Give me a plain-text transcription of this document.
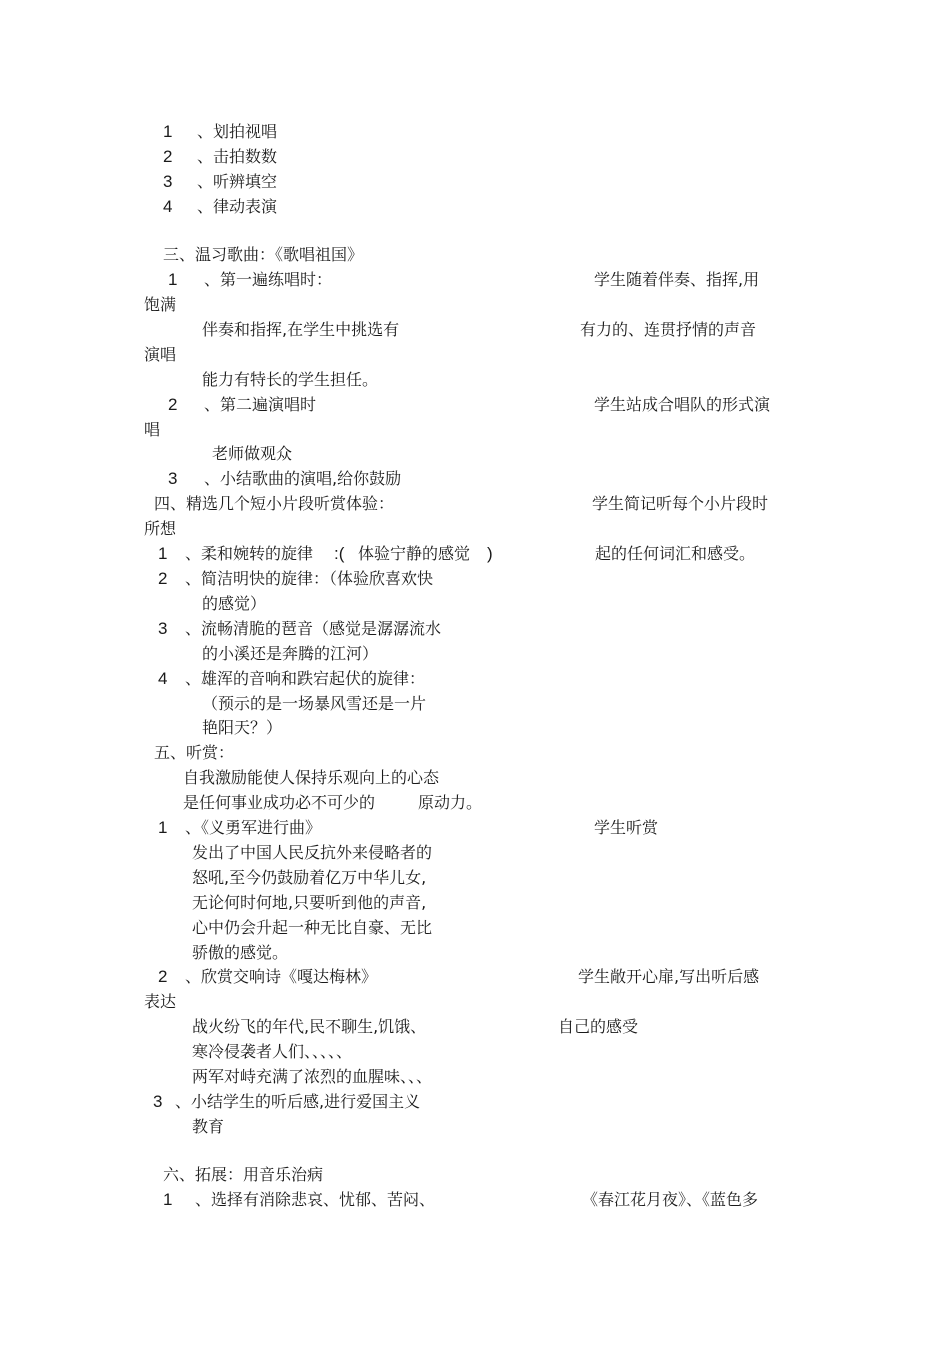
1 、划拍视唱
2 、击拍数数
3 、听辨填空
4 、律动表演
三、温习歌曲：《歌唱祖国》
1 、第一遍练唱时：	学生随着伴奏、指挥,用
饱满
伴奏和指挥,在学生中挑选有	有力的、连贯抒情的声音
演唱
能力有特长的学生担任。
2 、第二遍演唱时	学生站成合唱队的形式演
唱
老师做观众
3 、小结歌曲的演唱,给你鼓励
四、精选几个短小片段听赏体验：	学生简记听每个小片段时
所想
1 、柔和婉转的旋律 :( 体验宁静的感觉 )	起的任何词汇和感受。
2 、简洁明快的旋律：（体验欣喜欢快
的感觉）
3 、流畅清脆的琶音（感觉是潺潺流水
的小溪还是奔腾的江河）
4 、雄浑的音响和跌宕起伏的旋律：
（预示的是一场暴风雪还是一片
艳阳天？）
五、听赏：
自我激励能使人保持乐观向上的心态
是任何事业成功必不可少的	原动力。
1 、《义勇军进行曲》	学生听赏
发出了中国人民反抗外来侵略者的
怒吼,至今仍鼓励着亿万中华儿女,
无论何时何地,只要听到他的声音,
心中仍会升起一种无比自豪、无比
骄傲的感觉。
2 、欣赏交响诗《嘎达梅林》	学生敞开心扉,写出听后感
表达
战火纷飞的年代,民不聊生,饥饿、	自己的感受
寒冷侵袭者人们、、、、、
两军对峙充满了浓烈的血腥味、、、
3 、小结学生的听后感,进行爱国主义
教育
六、拓展：用音乐治病
1 、选择有消除悲哀、忧郁、苦闷、	《春江花月夜》、《蓝色多
